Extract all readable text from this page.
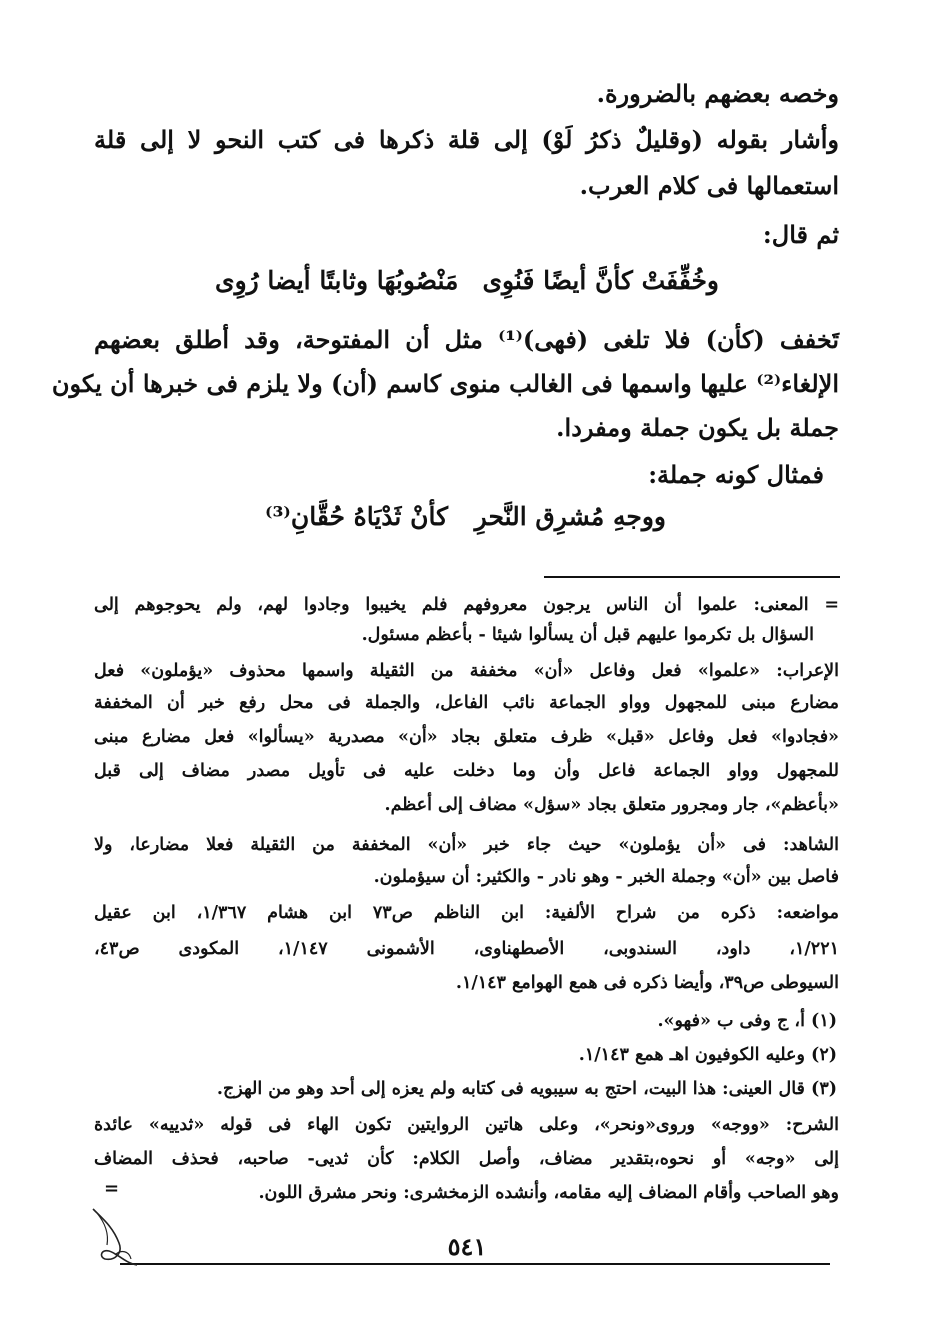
وخصه بعضهم بالضرورة.
وأشار بقوله (وقليلٌ ذكرُ لَوْ) إلى قلة ذكرها فى كتب النحو لا إلى قلة
استعمالها فى كلام العرب.
ثم قال:
وخُفِّفَتْ كأنَّ أيضًا فَنُوِى
مَنْصُوبُهَا وثابتًا أيضا رُوِى
تَخفف (كأن) فلا تلغى (فهى)⁽¹⁾ مثل أن المفتوحة، وقد أطلق بعضهم
الإلغاء⁽²⁾ عليها واسمها فى الغالب منوى كاسم (أن) ولا يلزم فى خبرها أن يكون
جملة بل يكون جملة ومفردا.
فمثال كونه جملة:
ووجهِ مُشرِق النَّحرِ
كأنْ ثَدْيَاهُ حُقَّانِ⁽³⁾
= المعنى: علموا أن الناس يرجون معروفهم فلم يخيبوا وجادوا لهم، ولم يحوجوهم إلى
السؤال بل تكرموا عليهم قبل أن يسألوا شيئا - بأعظم مسئول.
الإعراب: «علموا» فعل وفاعل «أن» مخففة من الثقيلة واسمها محذوف «يؤملون» فعل
مضارع مبنى للمجهول وواو الجماعة نائب الفاعل، والجملة فى محل رفع خبر أن المخففة
«فجادوا» فعل وفاعل «قبل» ظرف متعلق بجاد «أن» مصدرية «يسألوا» فعل مضارع مبنى
للمجهول وواو الجماعة فاعل وأن وما دخلت عليه فى تأويل مصدر مضاف إلى قبل
«بأعظم»، جار ومجرور متعلق بجاد «سؤل» مضاف إلى أعظم.
الشاهد: فى «أن يؤملون» حيث جاء خبر «أن» المخففة من الثقيلة فعلا مضارعا، ولا
فاصل بين «أن» وجملة الخبر - وهو نادر - والكثير: أن سيؤملون.
مواضعه: ذكره من شراح الألفية: ابن الناظم ص٧٣ ابن هشام ١/٣٦٧، ابن عقيل
١/٢٢١، داود، السندوبى، الأصطهناوى، الأشمونى ١/١٤٧، المكودى ص٤٣،
السيوطى ص٣٩، وأيضا ذكره فى همع الهوامع ١/١٤٣.
(١) أ، ج وفى ب «فهو».
(٢) وعليه الكوفيون اهـ همع ١/١٤٣.
(٣) قال العينى: هذا البيت، احتج به سيبويه فى كتابه ولم يعزه إلى أحد وهو من الهزج.
الشرح: «ووجه» وروى«ونحر»، وعلى هاتين الروايتين تكون الهاء فى قوله «ثدييه» عائدة
إلى «وجه» أو نحوه،بتقدير مضاف، وأصل الكلام: كأن ثديى- صاحبه، فحذف المضاف
وهو الصاحب وأقام المضاف إليه مقامه، وأنشده الزمخشرى: ونحر مشرق اللون.
=
٥٤١
